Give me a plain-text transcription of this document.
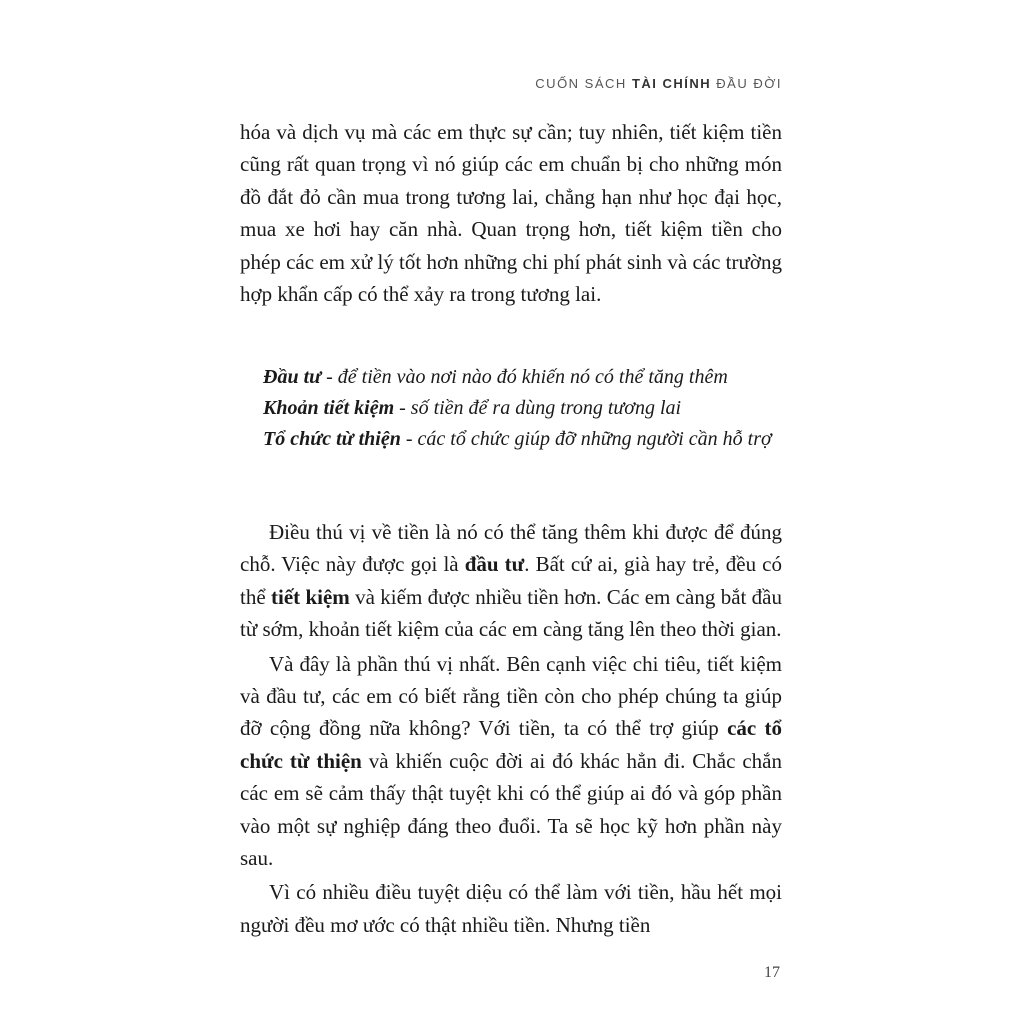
CUỐN SÁCH TÀI CHÍNH ĐẦU ĐỜI

hóa và dịch vụ mà các em thực sự cần; tuy nhiên, tiết kiệm tiền cũng rất quan trọng vì nó giúp các em chuẩn bị cho những món đồ đắt đỏ cần mua trong tương lai, chẳng hạn như học đại học, mua xe hơi hay căn nhà. Quan trọng hơn, tiết kiệm tiền cho phép các em xử lý tốt hơn những chi phí phát sinh và các trường hợp khẩn cấp có thể xảy ra trong tương lai.

Đầu tư - để tiền vào nơi nào đó khiến nó có thể tăng thêm
Khoản tiết kiệm - số tiền để ra dùng trong tương lai
Tổ chức từ thiện - các tổ chức giúp đỡ những người cần hỗ trợ

Điều thú vị về tiền là nó có thể tăng thêm khi được để đúng chỗ. Việc này được gọi là đầu tư. Bất cứ ai, già hay trẻ, đều có thể tiết kiệm và kiếm được nhiều tiền hơn. Các em càng bắt đầu từ sớm, khoản tiết kiệm của các em càng tăng lên theo thời gian.

Và đây là phần thú vị nhất. Bên cạnh việc chi tiêu, tiết kiệm và đầu tư, các em có biết rằng tiền còn cho phép chúng ta giúp đỡ cộng đồng nữa không? Với tiền, ta có thể trợ giúp các tổ chức từ thiện và khiến cuộc đời ai đó khác hẳn đi. Chắc chắn các em sẽ cảm thấy thật tuyệt khi có thể giúp ai đó và góp phần vào một sự nghiệp đáng theo đuổi. Ta sẽ học kỹ hơn phần này sau.

Vì có nhiều điều tuyệt diệu có thể làm với tiền, hầu hết mọi người đều mơ ước có thật nhiều tiền. Nhưng tiền

17
